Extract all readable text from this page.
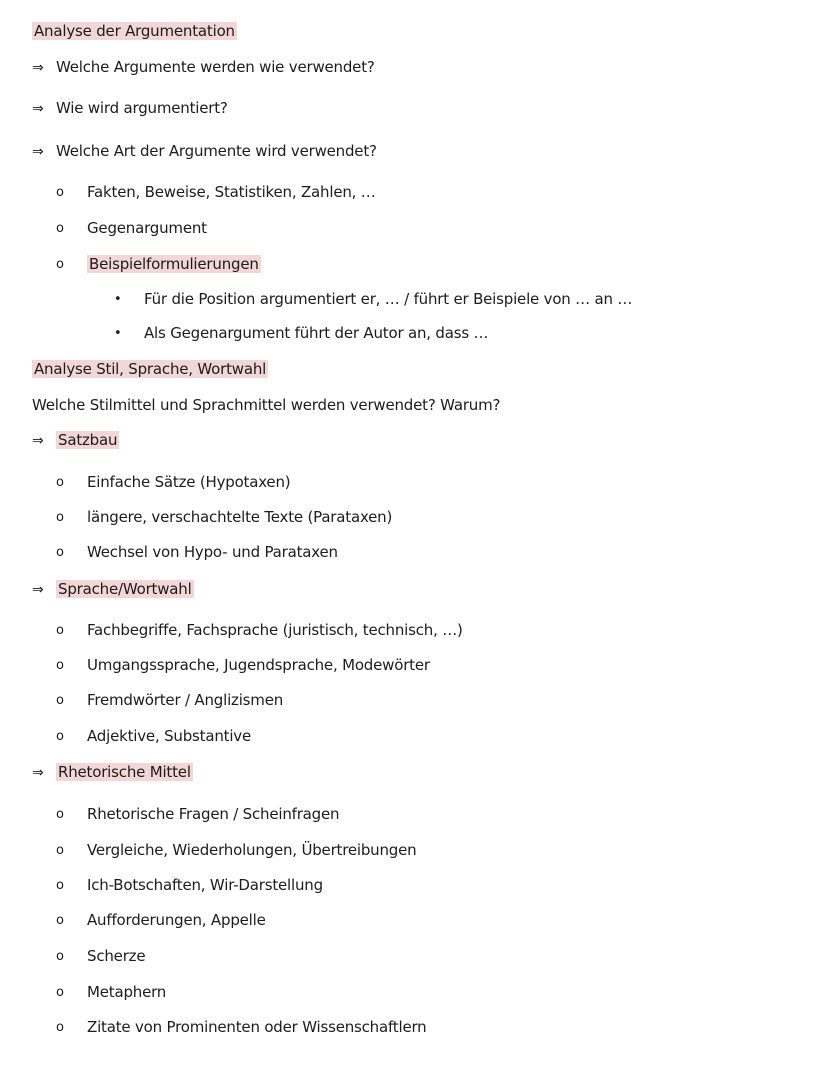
Analyse der Argumentation
⇒ Welche Argumente werden wie verwendet?
⇒ Wie wird argumentiert?
⇒ Welche Art der Argumente wird verwendet?
o Fakten, Beweise, Statistiken, Zahlen, …
o Gegenargument
o Beispielformulierungen
• Für die Position argumentiert er, … / führt er Beispiele von … an …
• Als Gegenargument führt der Autor an, dass …
Analyse Stil, Sprache, Wortwahl
Welche Stilmittel und Sprachmittel werden verwendet? Warum?
⇒ Satzbau
o Einfache Sätze (Hypotaxen)
o längere, verschachtelte Texte (Parataxen)
o Wechsel von Hypo- und Parataxen
⇒ Sprache/Wortwahl
o Fachbegriffe, Fachsprache (juristisch, technisch, …)
o Umgangssprache, Jugendsprache, Modewörter
o Fremdwörter / Anglizismen
o Adjektive, Substantive
⇒ Rhetorische Mittel
o Rhetorische Fragen / Scheinfragen
o Vergleiche, Wiederholungen, Übertreibungen
o Ich-Botschaften, Wir-Darstellung
o Aufforderungen, Appelle
o Scherze
o Metaphern
o Zitate von Prominenten oder Wissenschaftlern
